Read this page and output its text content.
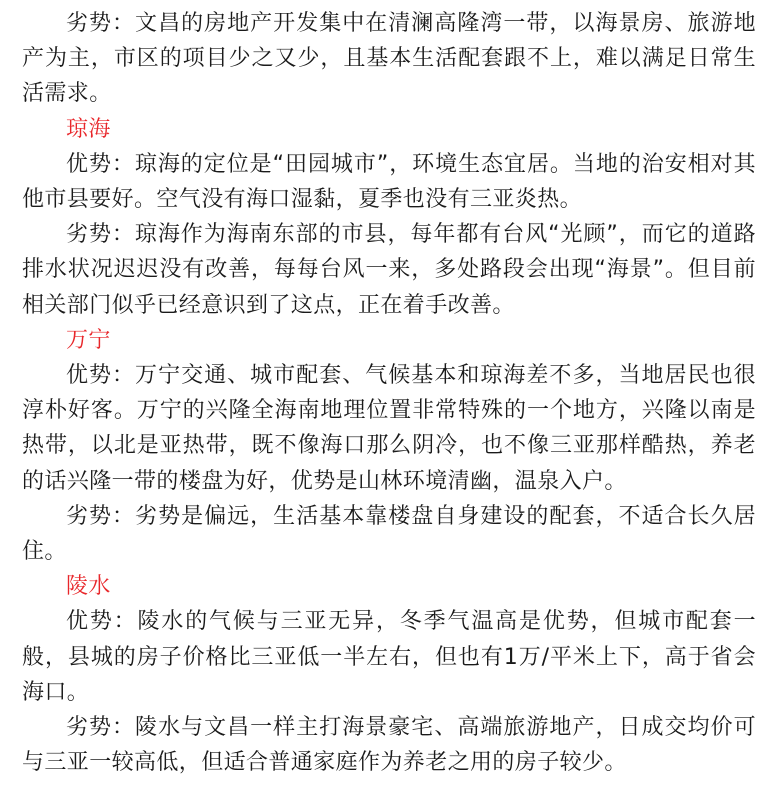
劣势：文昌的房地产开发集中在清澜高隆湾一带，以海景房、旅游地产为主，市区的项目少之又少，且基本生活配套跟不上，难以满足日常生活需求。

琼海

优势：琼海的定位是“田园城市”，环境生态宜居。当地的治安相对其他市县要好。空气没有海口湿黏，夏季也没有三亚炎热。

劣势：琼海作为海南东部的市县，每年都有台风“光顾”，而它的道路排水状况迟迟没有改善，每每台风一来，多处路段会出现“海景”。但目前相关部门似乎已经意识到了这点，正在着手改善。

万宁

优势：万宁交通、城市配套、气候基本和琼海差不多，当地居民也很淳朴好客。万宁的兴隆全海南地理位置非常特殊的一个地方，兴隆以南是热带，以北是亚热带，既不像海口那么阴冷，也不像三亚那样酷热，养老的话兴隆一带的楼盘为好，优势是山林环境清幽，温泉入户。

劣势：劣势是偏远，生活基本靠楼盘自身建设的配套，不适合长久居住。

陵水

优势：陵水的气候与三亚无异，冬季气温高是优势，但城市配套一般，县城的房子价格比三亚低一半左右，但也有1万/平米上下，高于省会海口。

劣势：陵水与文昌一样主打海景豪宅、高端旅游地产，日成交均价可与三亚一较高低，但适合普通家庭作为养老之用的房子较少。
